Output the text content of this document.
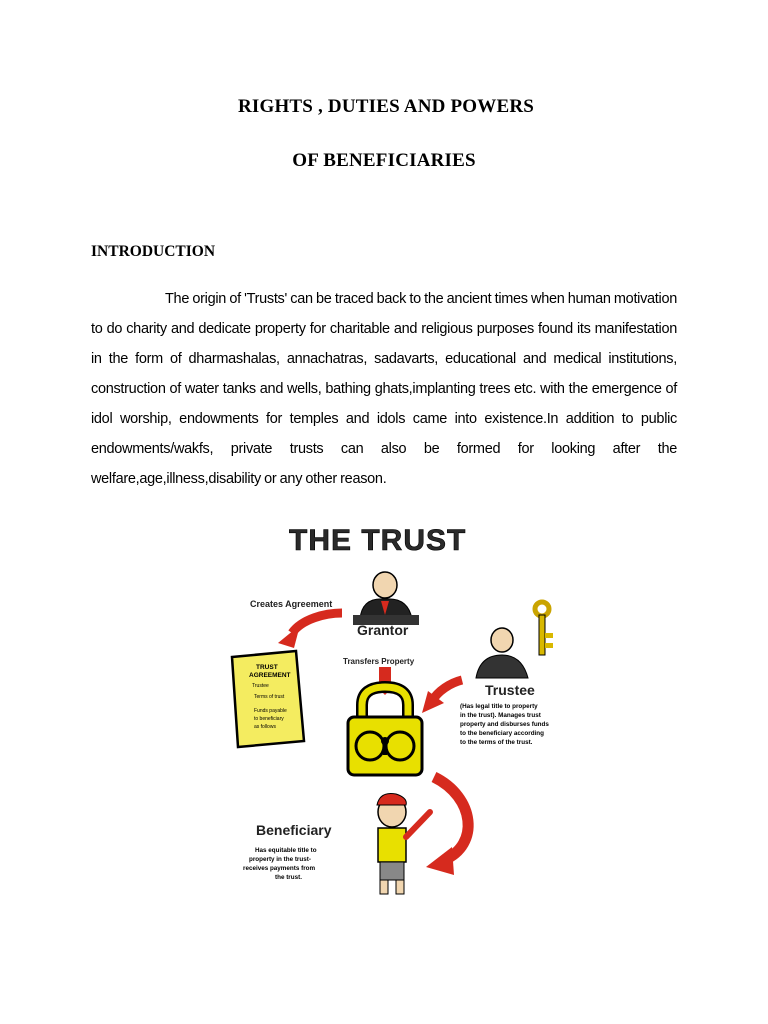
RIGHTS , DUTIES AND POWERS
OF BENEFICIARIES
INTRODUCTION
The origin of 'Trusts' can be traced back to the ancient times when human motivation to do charity and dedicate property for charitable and religious purposes found its manifestation in the form of dharmashalas, annachatras, sadavarts, educational and medical institutions, construction of water tanks and wells, bathing ghats,implanting trees etc. with the emergence of idol worship, endowments for temples and idols came into existence.In addition to public endowments/wakfs, private trusts can also be formed for looking after the welfare,age,illness,disability or any other reason.
THE TRUST
Creates Agreement
Grantor
Transfers Property
TRUST
AGREEMENT
Trustee
Terms of trust
Funds payable
to beneficiary
as follows
Trustee
(Has legal title to property
in the trust). Manages trust
property and disburses funds
to the beneficiary according
to the terms of the trust.
Beneficiary
Has equitable title to
property in the trust-
receives payments from
the trust.
